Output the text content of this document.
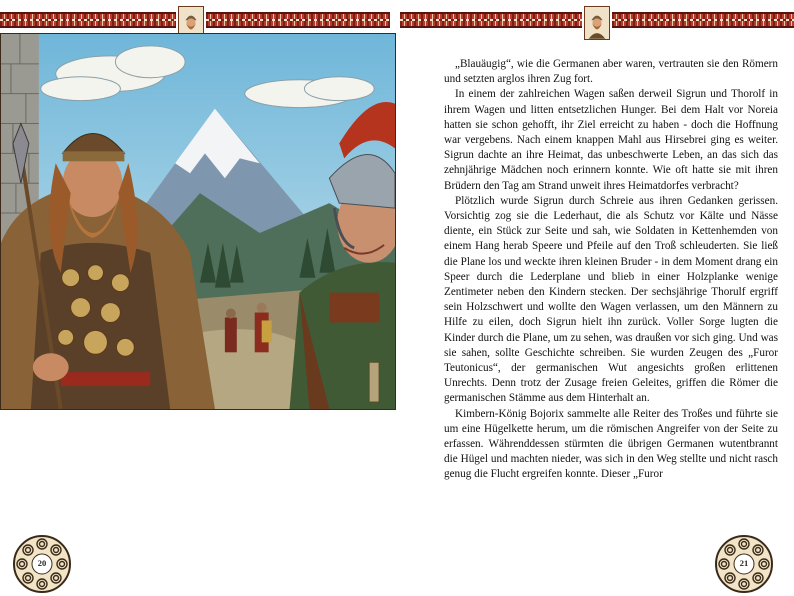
„Blauäugig“, wie die Germanen aber waren, vertrauten sie den Römern und setzten arglos ihren Zug fort.

In einem der zahlreichen Wagen saßen derweil Sigrun und Thorolf in ihrem Wagen und litten entsetzlichen Hunger. Bei dem Halt vor Noreia hatten sie schon gehofft, ihr Ziel erreicht zu haben - doch die Hoffnung war vergebens. Nach einem knappen Mahl aus Hirsebrei ging es weiter. Sigrun dachte an ihre Heimat, das unbeschwerte Leben, an das sich das zehnjährige Mädchen noch erinnern konnte. Wie oft hatte sie mit ihren Brüdern den Tag am Strand unweit ihres Heimatdorfes verbracht?

Plötzlich wurde Sigrun durch Schreie aus ihren Gedanken gerissen. Vorsichtig zog sie die Lederhaut, die als Schutz vor Kälte und Nässe diente, ein Stück zur Seite und sah, wie Soldaten in Kettenhemden von einem Hang herab Speere und Pfeile auf den Troß schleuderten. Sie ließ die Plane los und weckte ihren kleinen Bruder - in dem Moment drang ein Speer durch die Lederplane und blieb in einer Holzplanke wenige Zentimeter neben den Kindern stecken. Der sechsjährige Thorulf ergriff sein Holzschwert und wollte den Wagen verlassen, um den Männern zu Hilfe zu eilen, doch Sigrun hielt ihn zurück. Voller Sorge lugten die Kinder durch die Plane, um zu sehen, was draußen vor sich ging. Und was sie sahen, sollte Geschichte schreiben. Sie wurden Zeugen des „Furor Teutonicus“, der germanischen Wut angesichts großen erlittenen Unrechts. Denn trotz der Zusage freien Geleites, griffen die Römer die germanischen Stämme aus dem Hinterhalt an.

Kimbern-König Bojorix sammelte alle Reiter des Troßes und führte sie um eine Hügelkette herum, um die römischen Angreifer von der Seite zu erfassen. Währenddessen stürmten die übrigen Germanen wutentbrannt die Hügel und machten nieder, was sich in den Weg stellte und nicht rasch genug die Flucht ergreifen konnte. Dieser „Furor

20	21
